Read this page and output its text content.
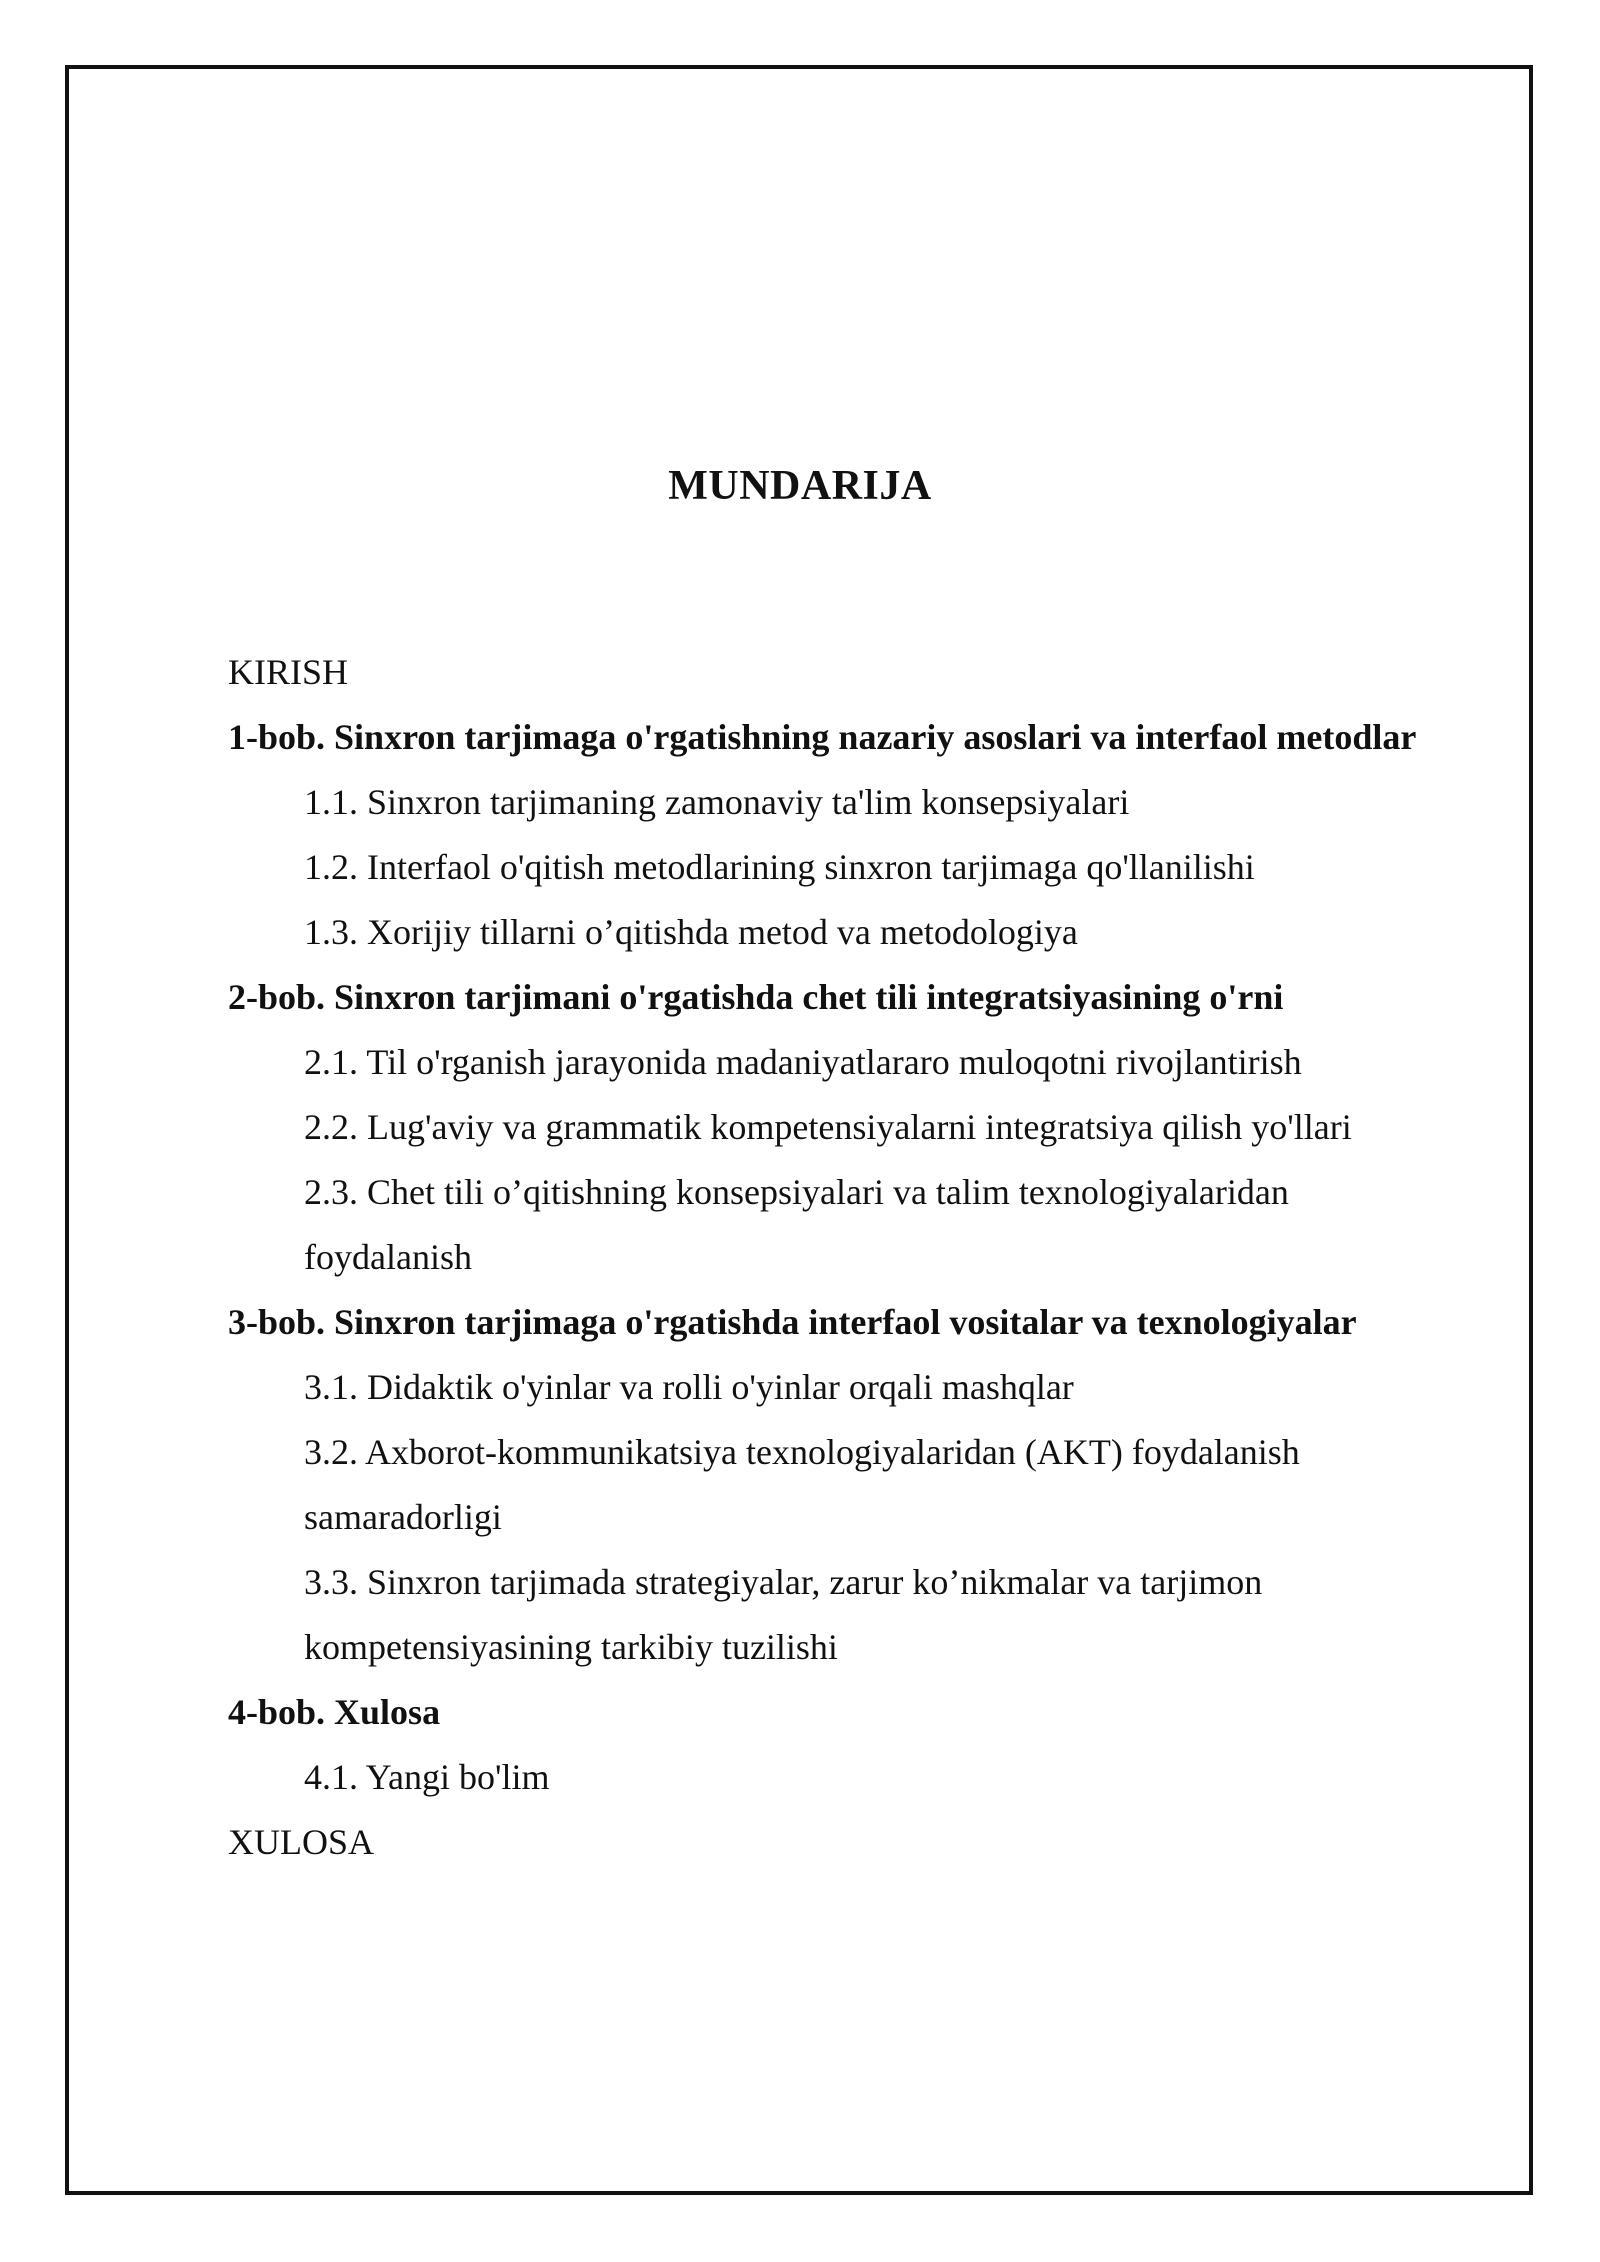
MUNDARIJA
KIRISH
1-bob. Sinxron tarjimaga o'rgatishning nazariy asoslari va interfaol metodlar
1.1. Sinxron tarjimaning zamonaviy ta'lim konsepsiyalari
1.2. Interfaol o'qitish metodlarining sinxron tarjimaga qo'llanilishi
1.3. Xorijiy tillarni o’qitishda metod va metodologiya
2-bob. Sinxron tarjimani o'rgatishda chet tili integratsiyasining o'rni
2.1. Til o'rganish jarayonida madaniyatlararo muloqotni rivojlantirish
2.2. Lug'aviy va grammatik kompetensiyalarni integratsiya qilish yo'llari
2.3. Chet tili o’qitishning konsepsiyalari va talim texnologiyalaridan foydalanish
3-bob. Sinxron tarjimaga o'rgatishda interfaol vositalar va texnologiyalar
3.1. Didaktik o'yinlar va rolli o'yinlar orqali mashqlar
3.2. Axborot-kommunikatsiya texnologiyalaridan (AKT) foydalanish samaradorligi
3.3. Sinxron tarjimada strategiyalar, zarur ko’nikmalar va tarjimon kompetensiyasining tarkibiy tuzilishi
4-bob. Xulosa
4.1. Yangi bo'lim
XULOSA
